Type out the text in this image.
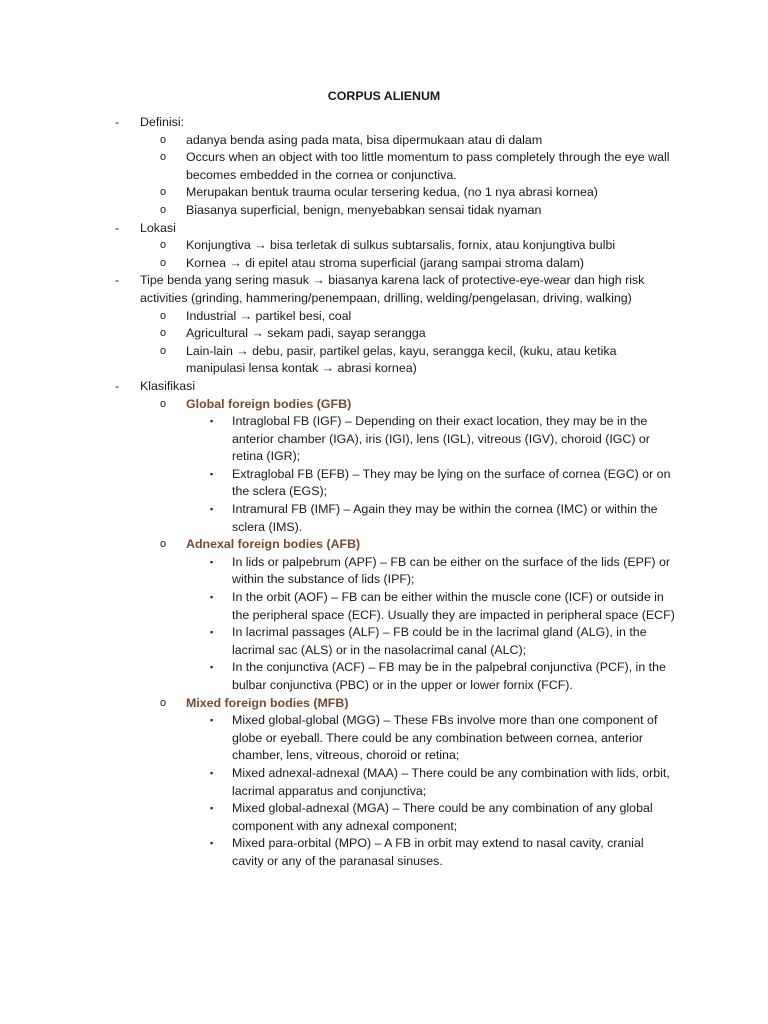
CORPUS ALIENUM
- Definisi:
o adanya benda asing pada mata, bisa dipermukaan atau di dalam
o Occurs when an object with too little momentum to pass completely through the eye wall becomes embedded in the cornea or conjunctiva.
o Merupakan bentuk trauma ocular tersering kedua, (no 1 nya abrasi kornea)
o Biasanya superficial, benign, menyebabkan sensai tidak nyaman
- Lokasi
o Konjungtiva → bisa terletak di sulkus subtarsalis, fornix, atau konjungtiva bulbi
o Kornea → di epitel atau stroma superficial (jarang sampai stroma dalam)
- Tipe benda yang sering masuk → biasanya karena lack of protective-eye-wear dan high risk activities (grinding, hammering/penempaan, drilling, welding/pengelasan, driving, walking)
o Industrial → partikel besi, coal
o Agricultural → sekam padi, sayap serangga
o Lain-lain → debu, pasir, partikel gelas, kayu, serangga kecil, (kuku, atau ketika manipulasi lensa kontak → abrasi kornea)
- Klasifikasi
o Global foreign bodies (GFB)
▪ Intraglobal FB (IGF) – Depending on their exact location, they may be in the anterior chamber (IGA), iris (IGI), lens (IGL), vitreous (IGV), choroid (IGC) or retina (IGR);
▪ Extraglobal FB (EFB) – They may be lying on the surface of cornea (EGC) or on the sclera (EGS);
▪ Intramural FB (IMF) – Again they may be within the cornea (IMC) or within the sclera (IMS).
o Adnexal foreign bodies (AFB)
▪ In lids or palpebrum (APF) – FB can be either on the surface of the lids (EPF) or within the substance of lids (IPF);
▪ In the orbit (AOF) – FB can be either within the muscle cone (ICF) or outside in the peripheral space (ECF). Usually they are impacted in peripheral space (ECF)
▪ In lacrimal passages (ALF) – FB could be in the lacrimal gland (ALG), in the lacrimal sac (ALS) or in the nasolacrimal canal (ALC);
▪ In the conjunctiva (ACF) – FB may be in the palpebral conjunctiva (PCF), in the bulbar conjunctiva (PBC) or in the upper or lower fornix (FCF).
o Mixed foreign bodies (MFB)
▪ Mixed global-global (MGG) – These FBs involve more than one component of globe or eyeball. There could be any combination between cornea, anterior chamber, lens, vitreous, choroid or retina;
▪ Mixed adnexal-adnexal (MAA) – There could be any combination with lids, orbit, lacrimal apparatus and conjunctiva;
▪ Mixed global-adnexal (MGA) – There could be any combination of any global component with any adnexal component;
▪ Mixed para-orbital (MPO) – A FB in orbit may extend to nasal cavity, cranial cavity or any of the paranasal sinuses.
